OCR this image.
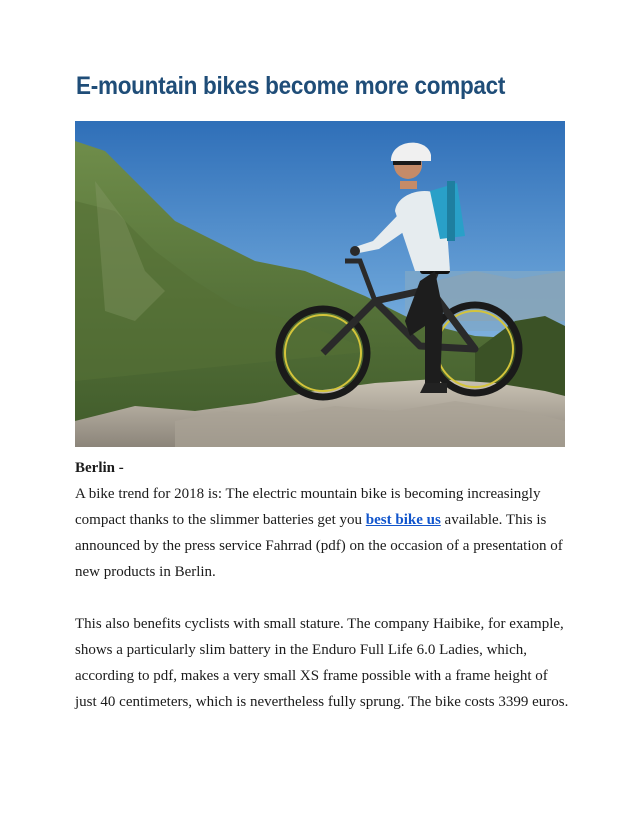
E-mountain bikes become more compact

Berlin -

A bike trend for 2018 is: The electric mountain bike is becoming increasingly compact thanks to the slimmer batteries get you best bike us available. This is announced by the press service Fahrrad (pdf) on the occasion of a presentation of new products in Berlin.

This also benefits cyclists with small stature. The company Haibike, for example, shows a particularly slim battery in the Enduro Full Life 6.0 Ladies, which, according to pdf, makes a very small XS frame possible with a frame height of just 40 centimeters, which is nevertheless fully sprung. The bike costs 3399 euros.
